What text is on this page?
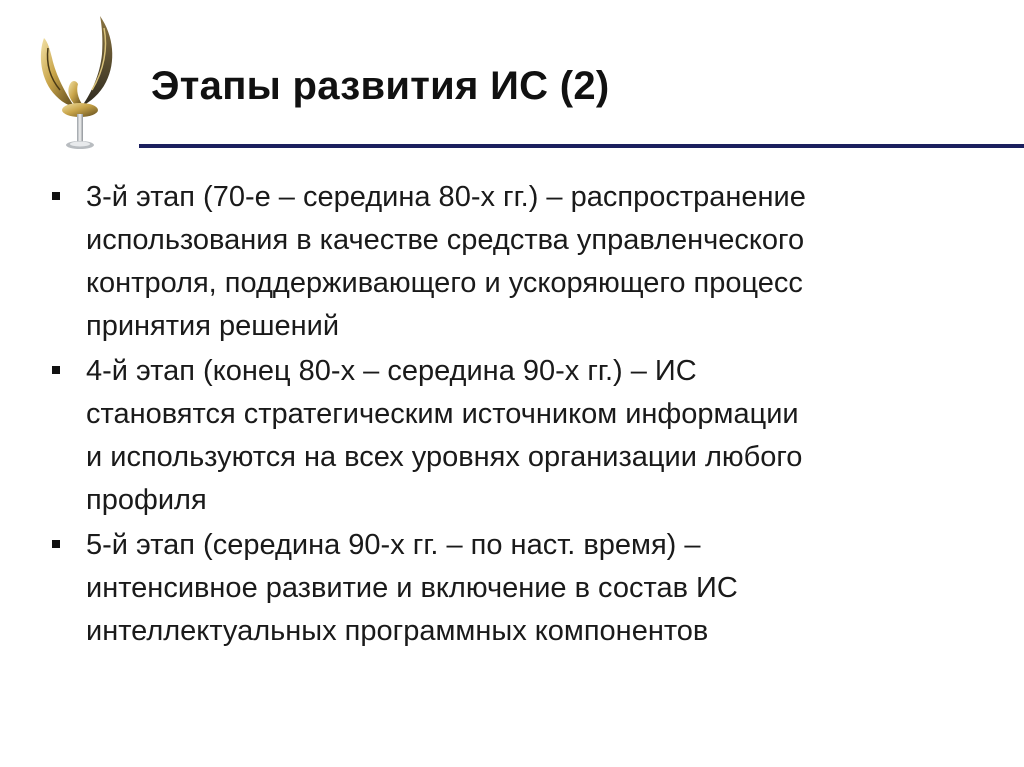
Этапы развития ИС (2)
3-й этап (70-е – середина 80-х гг.) – распространение
использования в качестве средства управленческого
контроля, поддерживающего и ускоряющего процесс
принятия решений
4-й этап (конец 80-х – середина 90-х гг.) – ИС
становятся стратегическим источником информации
и используются на всех уровнях организации любого
профиля
5-й этап (середина 90-х гг. – по наст. время) –
интенсивное развитие и включение в состав ИС
интеллектуальных программных компонентов
